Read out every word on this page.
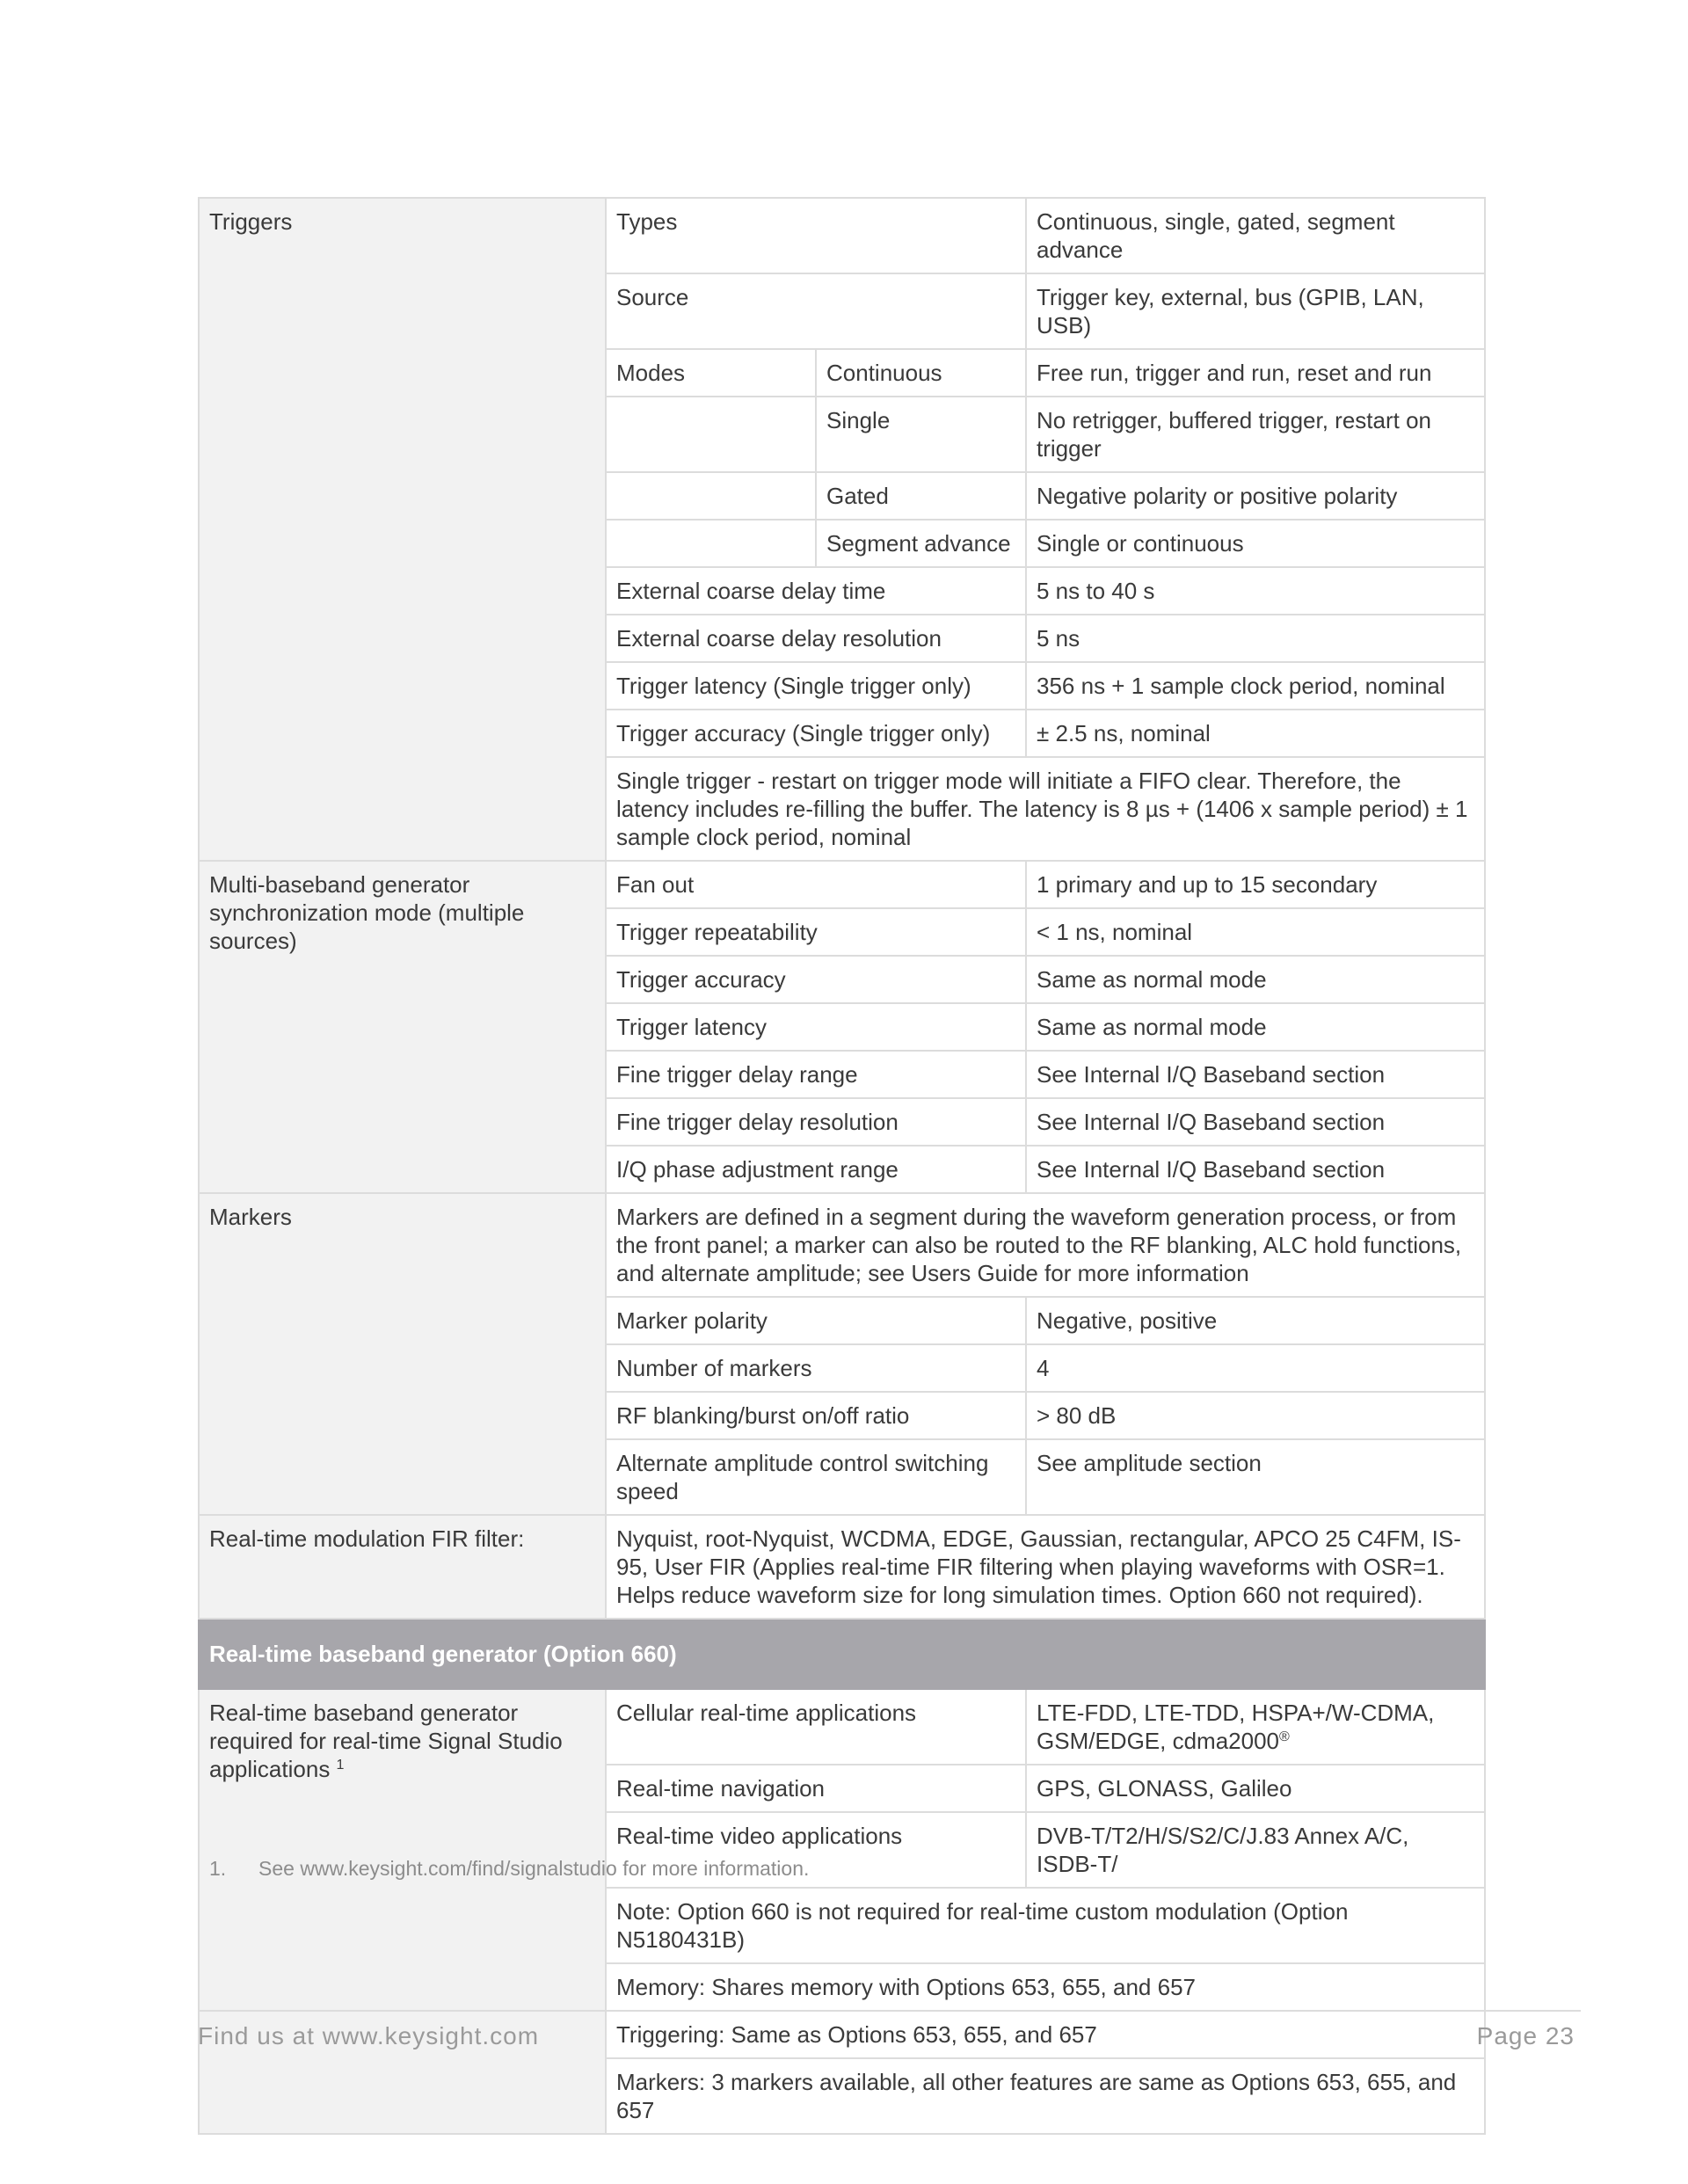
Triggers	Types		Continuous, single, gated, segment advance
	Source		Trigger key, external, bus (GPIB, LAN, USB)
	Modes	Continuous	Free run, trigger and run, reset and run
		Single	No retrigger, buffered trigger, restart on trigger
		Gated	Negative polarity or positive polarity
		Segment advance	Single or continuous
	External coarse delay time		5 ns to 40 s
	External coarse delay resolution		5 ns
	Trigger latency (Single trigger only)		356 ns + 1 sample clock period, nominal
	Trigger accuracy (Single trigger only)		± 2.5 ns, nominal
	Single trigger - restart on trigger mode will initiate a FIFO clear. Therefore, the latency includes re-filling the buffer. The latency is 8 µs + (1406 x sample period) ± 1 sample clock period, nominal		
Multi-baseband generator synchronization mode (multiple sources)	Fan out		1 primary and up to 15 secondary
	Trigger repeatability		< 1 ns, nominal
	Trigger accuracy		Same as normal mode
	Trigger latency		Same as normal mode
	Fine trigger delay range		See Internal I/Q Baseband section
	Fine trigger delay resolution		See Internal I/Q Baseband section
	I/Q phase adjustment range		See Internal I/Q Baseband section
Markers	Markers are defined in a segment during the waveform generation process, or from the front panel; a marker can also be routed to the RF blanking, ALC hold functions, and alternate amplitude; see Users Guide for more information		
	Marker polarity		Negative, positive
	Number of markers		4
	RF blanking/burst on/off ratio		> 80 dB
	Alternate amplitude control switching speed		See amplitude section
Real-time modulation FIR filter:	Nyquist, root-Nyquist, WCDMA, EDGE, Gaussian, rectangular, APCO 25 C4FM, IS-95, User FIR (Applies real-time FIR filtering when playing waveforms with OSR=1. Helps reduce waveform size for long simulation times. Option 660 not required).		
Real-time baseband generator (Option 660)			
Real-time baseband generator required for real-time Signal Studio applications $^1$	Cellular real-time applications		LTE-FDD, LTE-TDD, HSPA+/W-CDMA, GSM/EDGE, cdma2000®
	Real-time navigation		GPS, GLONASS, Galileo
	Real-time video applications		DVB-T/T2/H/S/S2/C/J.83 Annex A/C, ISDB-T/
	Note: Option 660 is not required for real-time custom modulation (Option N5180431B)		
	Memory: Shares memory with Options 653, 655, and 657		
	Triggering: Same as Options 653, 655, and 657		
	Markers: 3 markers available, all other features are same as Options 653, 655, and 657		
1. See www.keysight.com/find/signalstudio for more information.
Find us at www.keysight.com	Page 23
